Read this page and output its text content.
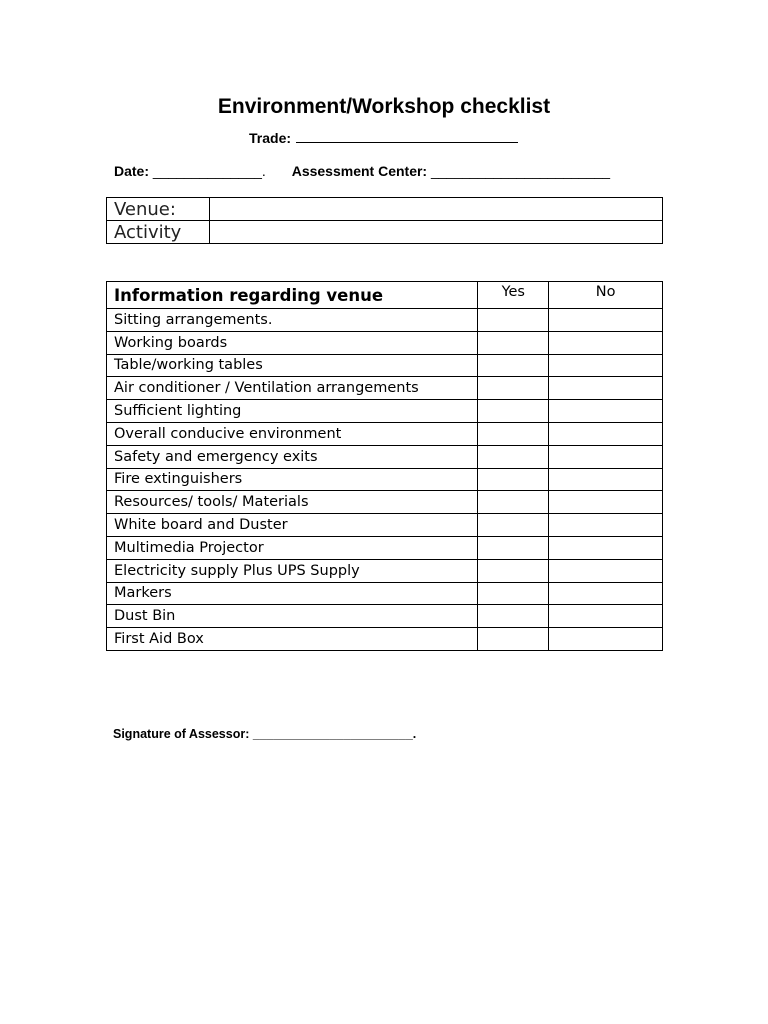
Environment/Workshop checklist
Trade:
Date: ______________. Assessment Center: _______________________
Venue:	
Activity	
Information regarding venue	Yes	No
Sitting arrangements.		
Working boards		
Table/working tables		
Air conditioner / Ventilation arrangements		
Sufficient lighting		
Overall conducive environment		
Safety and emergency exits		
Fire extinguishers		
Resources/ tools/ Materials		
White board and Duster		
Multimedia Projector		
Electricity supply Plus UPS Supply		
Markers		
Dust Bin		
First Aid Box		
Signature of Assessor: _______________________.
